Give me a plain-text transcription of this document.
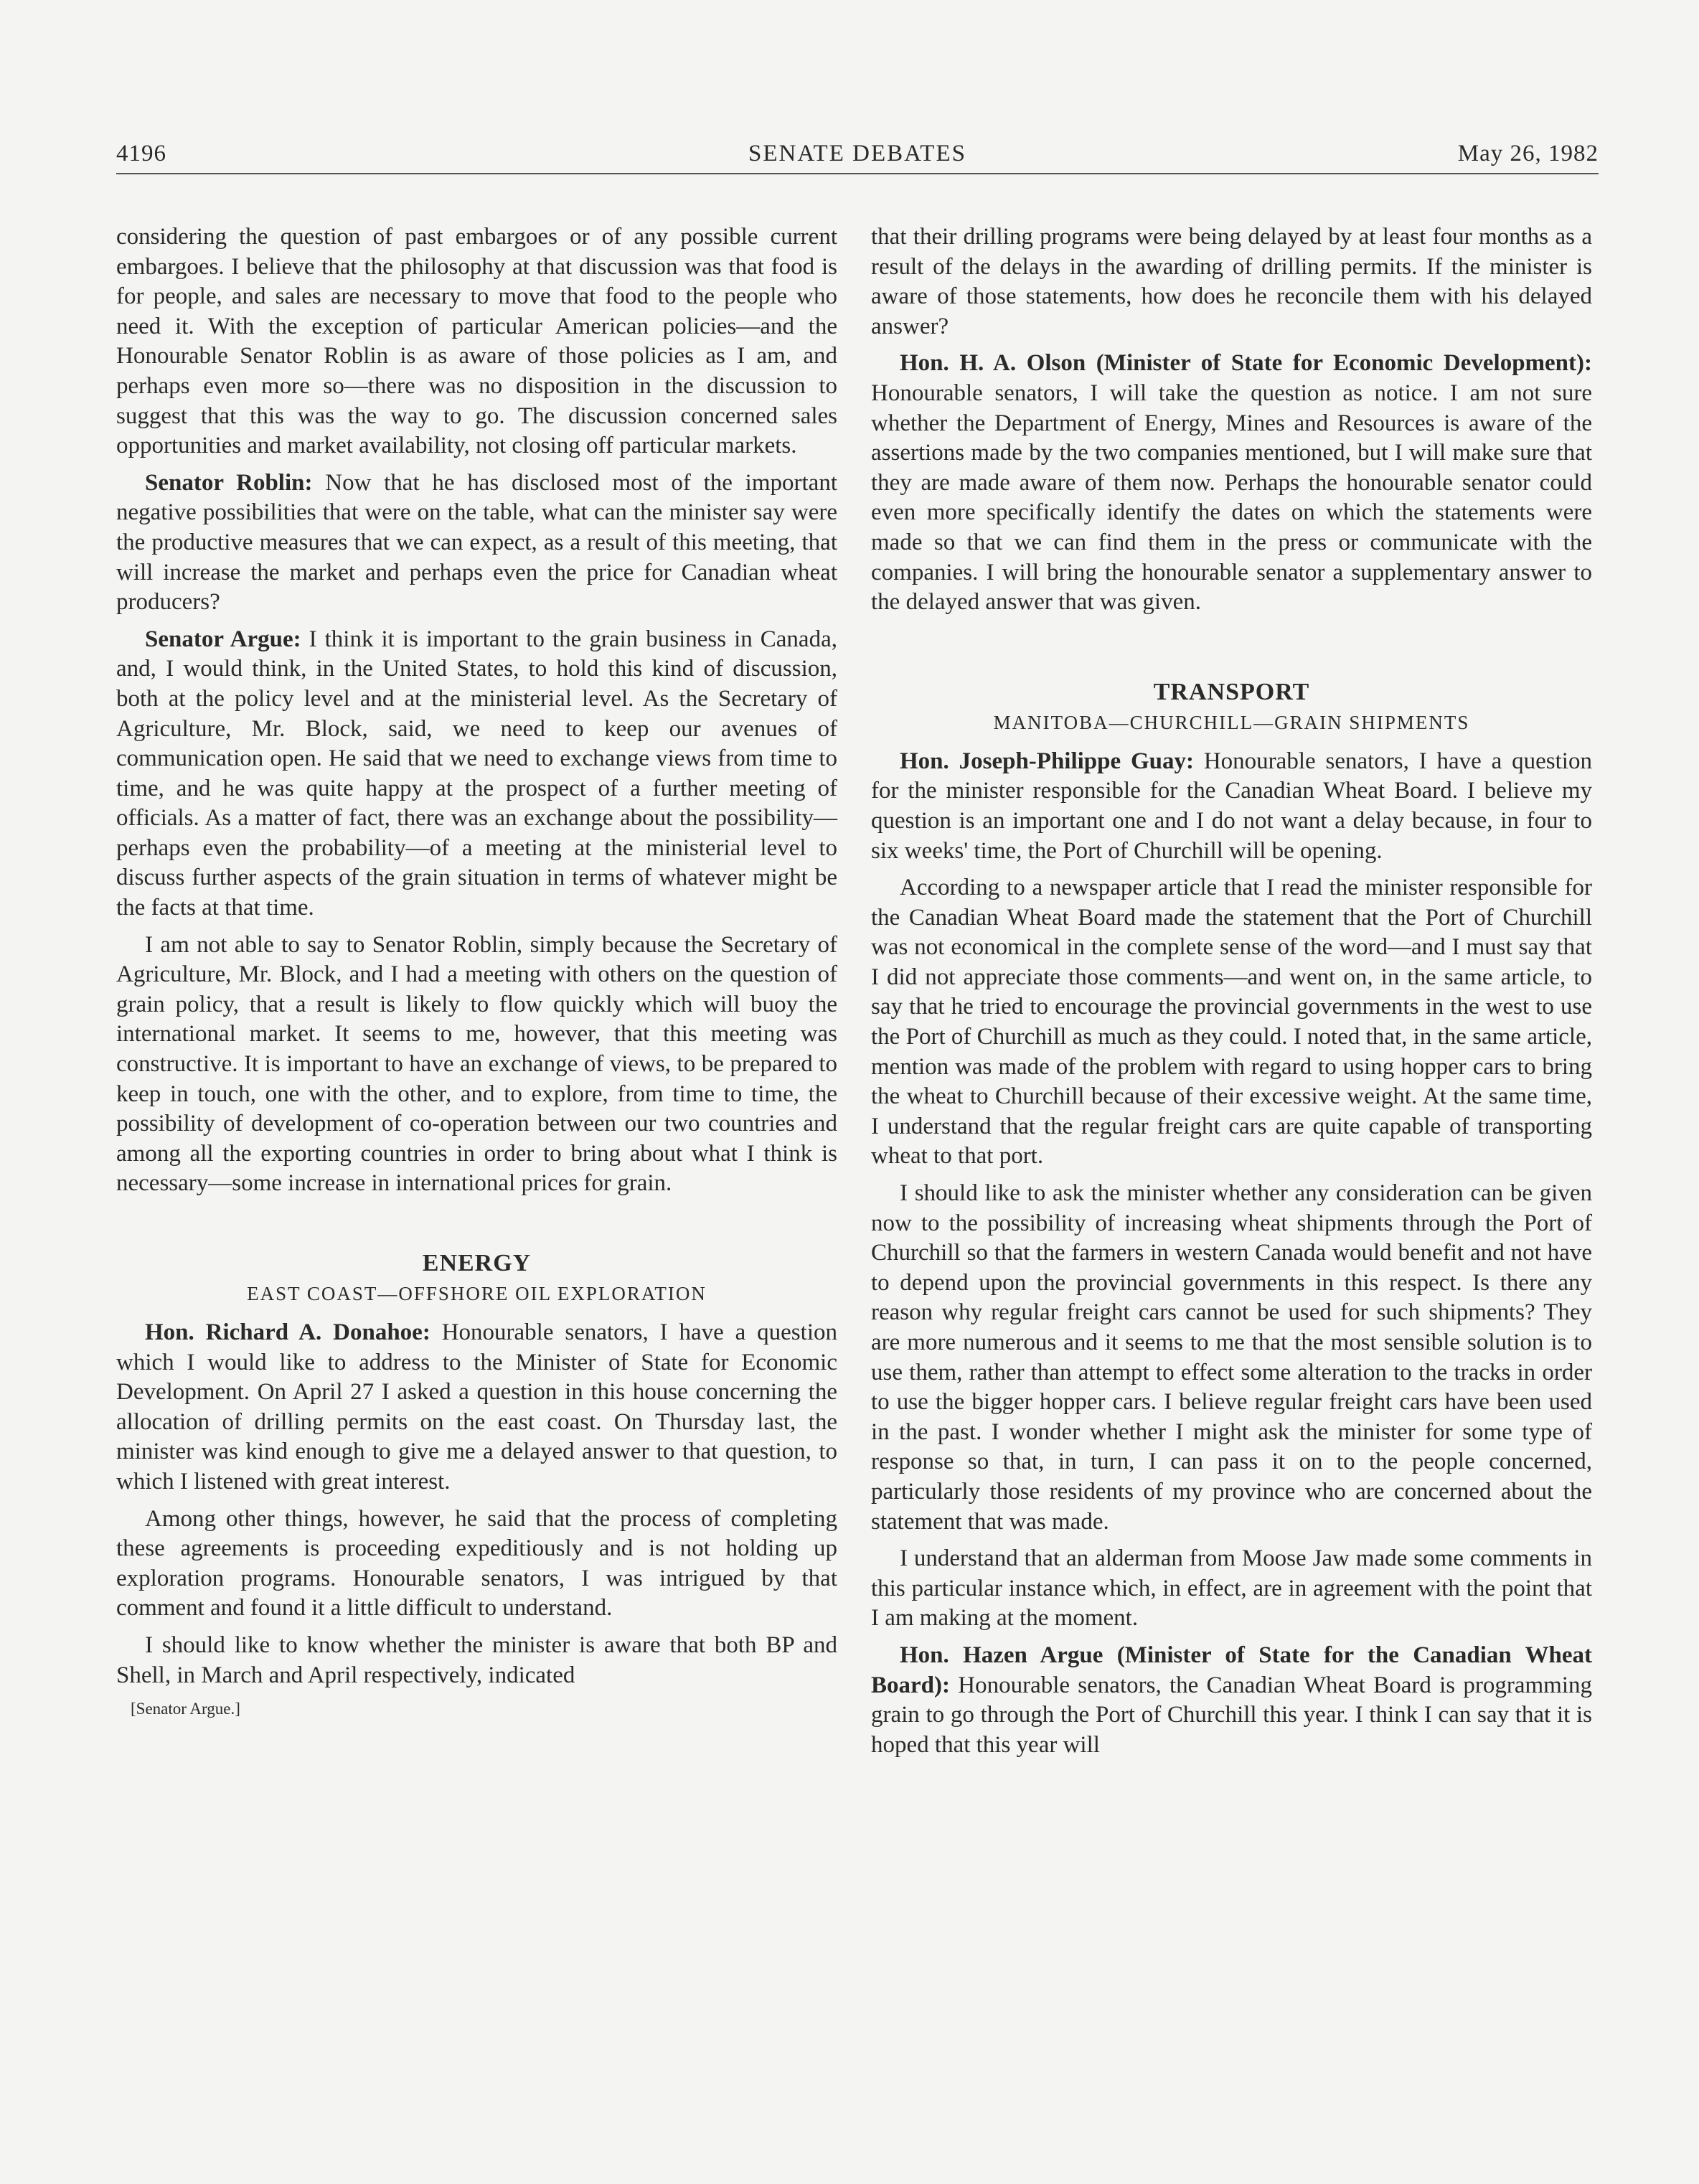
4196	SENATE DEBATES	May 26, 1982

considering the question of past embargoes or of any possible current embargoes. I believe that the philosophy at that discussion was that food is for people, and sales are necessary to move that food to the people who need it. With the exception of particular American policies—and the Honourable Senator Roblin is as aware of those policies as I am, and perhaps even more so—there was no disposition in the discussion to suggest that this was the way to go. The discussion concerned sales opportunities and market availability, not closing off particular markets.

Senator Roblin: Now that he has disclosed most of the important negative possibilities that were on the table, what can the minister say were the productive measures that we can expect, as a result of this meeting, that will increase the market and perhaps even the price for Canadian wheat producers?

Senator Argue: I think it is important to the grain business in Canada, and, I would think, in the United States, to hold this kind of discussion, both at the policy level and at the ministerial level. As the Secretary of Agriculture, Mr. Block, said, we need to keep our avenues of communication open. He said that we need to exchange views from time to time, and he was quite happy at the prospect of a further meeting of officials. As a matter of fact, there was an exchange about the possibility—perhaps even the probability—of a meeting at the ministerial level to discuss further aspects of the grain situation in terms of whatever might be the facts at that time.

I am not able to say to Senator Roblin, simply because the Secretary of Agriculture, Mr. Block, and I had a meeting with others on the question of grain policy, that a result is likely to flow quickly which will buoy the international market. It seems to me, however, that this meeting was constructive. It is important to have an exchange of views, to be prepared to keep in touch, one with the other, and to explore, from time to time, the possibility of development of co-operation between our two countries and among all the exporting countries in order to bring about what I think is necessary—some increase in international prices for grain.

ENERGY
EAST COAST—OFFSHORE OIL EXPLORATION

Hon. Richard A. Donahoe: Honourable senators, I have a question which I would like to address to the Minister of State for Economic Development. On April 27 I asked a question in this house concerning the allocation of drilling permits on the east coast. On Thursday last, the minister was kind enough to give me a delayed answer to that question, to which I listened with great interest.

Among other things, however, he said that the process of completing these agreements is proceeding expeditiously and is not holding up exploration programs. Honourable senators, I was intrigued by that comment and found it a little difficult to understand.

I should like to know whether the minister is aware that both BP and Shell, in March and April respectively, indicated

[Senator Argue.]

that their drilling programs were being delayed by at least four months as a result of the delays in the awarding of drilling permits. If the minister is aware of those statements, how does he reconcile them with his delayed answer?

Hon. H. A. Olson (Minister of State for Economic Development): Honourable senators, I will take the question as notice. I am not sure whether the Department of Energy, Mines and Resources is aware of the assertions made by the two companies mentioned, but I will make sure that they are made aware of them now. Perhaps the honourable senator could even more specifically identify the dates on which the statements were made so that we can find them in the press or communicate with the companies. I will bring the honourable senator a supplementary answer to the delayed answer that was given.

TRANSPORT
MANITOBA—CHURCHILL—GRAIN SHIPMENTS

Hon. Joseph-Philippe Guay: Honourable senators, I have a question for the minister responsible for the Canadian Wheat Board. I believe my question is an important one and I do not want a delay because, in four to six weeks' time, the Port of Churchill will be opening.

According to a newspaper article that I read the minister responsible for the Canadian Wheat Board made the statement that the Port of Churchill was not economical in the complete sense of the word—and I must say that I did not appreciate those comments—and went on, in the same article, to say that he tried to encourage the provincial governments in the west to use the Port of Churchill as much as they could. I noted that, in the same article, mention was made of the problem with regard to using hopper cars to bring the wheat to Churchill because of their excessive weight. At the same time, I understand that the regular freight cars are quite capable of transporting wheat to that port.

I should like to ask the minister whether any consideration can be given now to the possibility of increasing wheat shipments through the Port of Churchill so that the farmers in western Canada would benefit and not have to depend upon the provincial governments in this respect. Is there any reason why regular freight cars cannot be used for such shipments? They are more numerous and it seems to me that the most sensible solution is to use them, rather than attempt to effect some alteration to the tracks in order to use the bigger hopper cars. I believe regular freight cars have been used in the past. I wonder whether I might ask the minister for some type of response so that, in turn, I can pass it on to the people concerned, particularly those residents of my province who are concerned about the statement that was made.

I understand that an alderman from Moose Jaw made some comments in this particular instance which, in effect, are in agreement with the point that I am making at the moment.

Hon. Hazen Argue (Minister of State for the Canadian Wheat Board): Honourable senators, the Canadian Wheat Board is programming grain to go through the Port of Churchill this year. I think I can say that it is hoped that this year will
